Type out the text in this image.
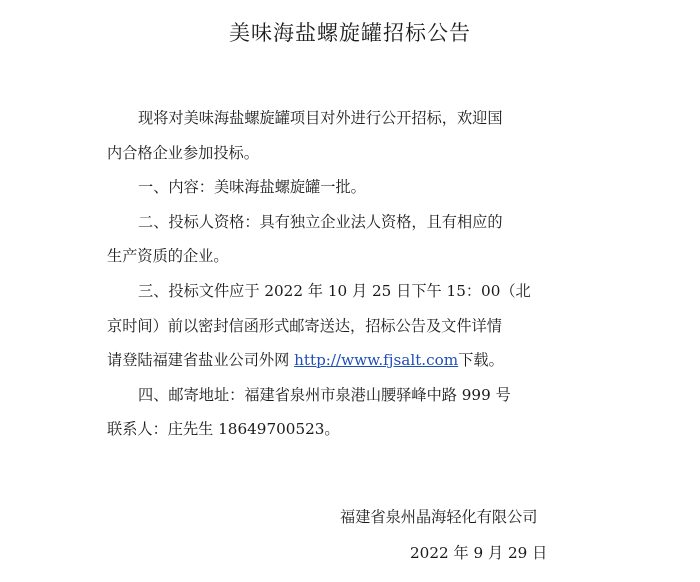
美味海盐螺旋罐招标公告
现将对美味海盐螺旋罐项目对外进行公开招标，欢迎国
内合格企业参加投标。
一、内容：美味海盐螺旋罐一批。
二、投标人资格：具有独立企业法人资格，且有相应的
生产资质的企业。
三、投标文件应于 2022 年 10 月 25 日下午 15：00（北
京时间）前以密封信函形式邮寄送达，招标公告及文件详情
请登陆福建省盐业公司外网 http://www.fjsalt.com下载。
四、邮寄地址：福建省泉州市泉港山腰驿峰中路 999 号
联系人：庄先生 18649700523。
福建省泉州晶海轻化有限公司
2022 年 9 月 29 日
